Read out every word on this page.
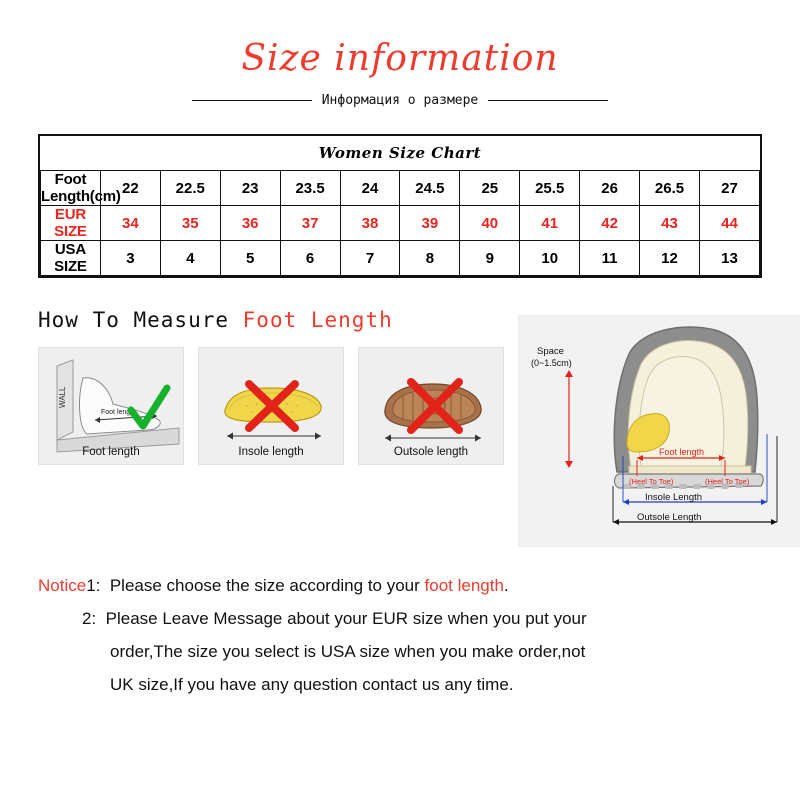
Size information
Информация о размере
Women Size Chart											
Foot Length(cm)	22	22.5	23	23.5	24	24.5	25	25.5	26	26.5	27
EUR SIZE	34	35	36	37	38	39	40	41	42	43	44
USA SIZE	3	4	5	6	7	8	9	10	11	12	13
How To Measure Foot Length
WALL
Foot length
Foot length	Insole length	Outsole length
Space
(0~1.5cm)
Foot length
(Heel To Toe)	(Heel To Toe)
Insole Length
Outsole Length
Notice1: Please choose the size according to your foot length.
2: Please Leave Message about your EUR size when you put your
order,The size you select is USA size when you make order,not
UK size,If you have any question contact us any time.
